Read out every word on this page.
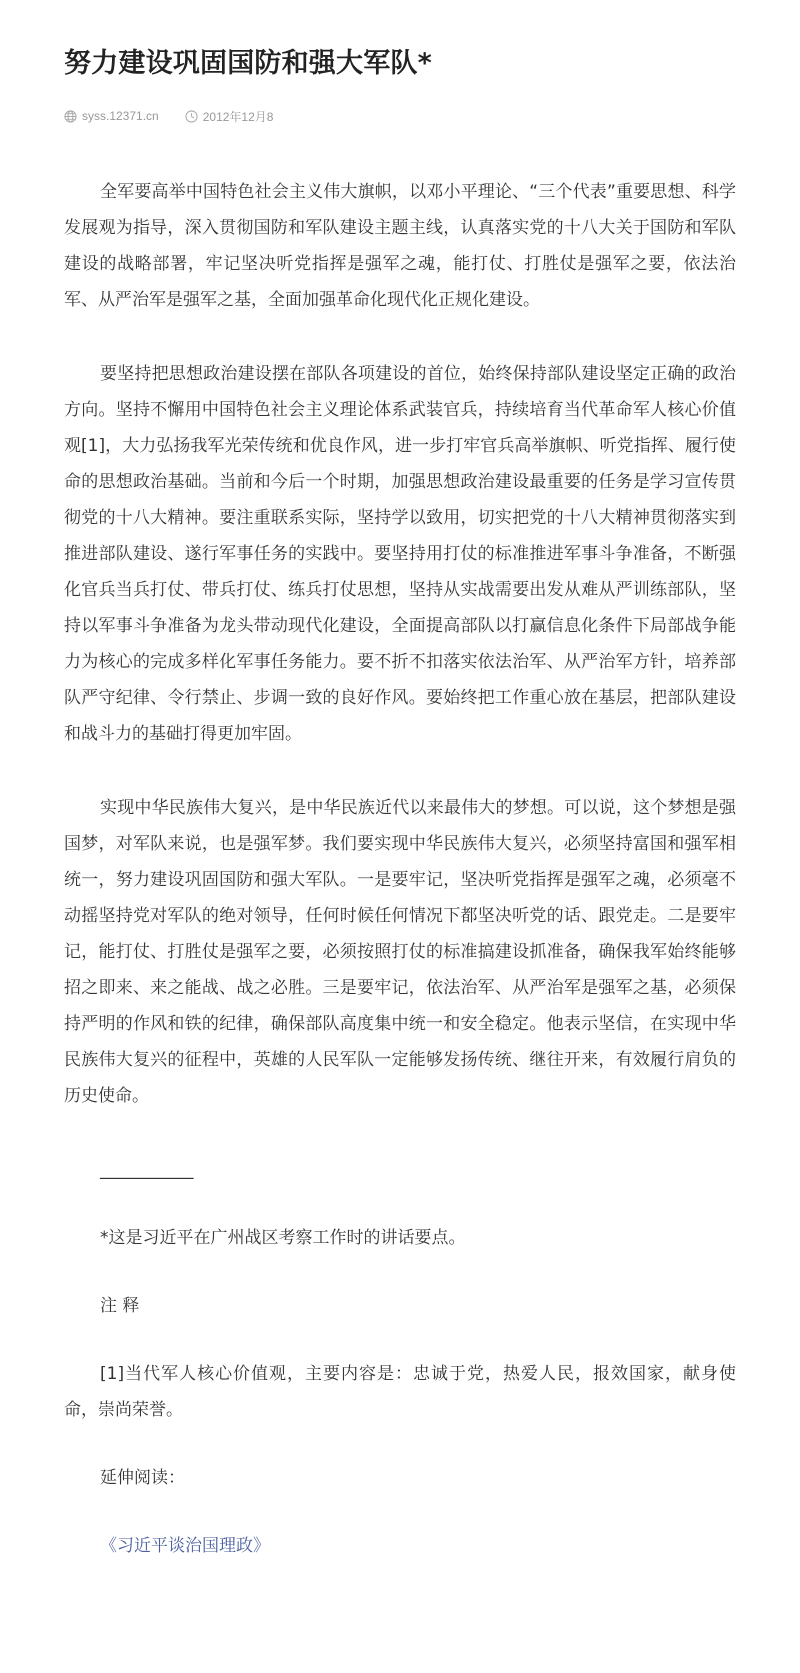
努力建设巩固国防和强大军队*
syss.12371.cn	2012年12月8

全军要高举中国特色社会主义伟大旗帜，以邓小平理论、“三个代表”重要思想、科学发展观为指导，深入贯彻国防和军队建设主题主线，认真落实党的十八大关于国防和军队建设的战略部署，牢记坚决听党指挥是强军之魂，能打仗、打胜仗是强军之要，依法治军、从严治军是强军之基，全面加强革命化现代化正规化建设。

要坚持把思想政治建设摆在部队各项建设的首位，始终保持部队建设坚定正确的政治方向。坚持不懈用中国特色社会主义理论体系武装官兵，持续培育当代革命军人核心价值观[1]，大力弘扬我军光荣传统和优良作风，进一步打牢官兵高举旗帜、听党指挥、履行使命的思想政治基础。当前和今后一个时期，加强思想政治建设最重要的任务是学习宣传贯彻党的十八大精神。要注重联系实际，坚持学以致用，切实把党的十八大精神贯彻落实到推进部队建设、遂行军事任务的实践中。要坚持用打仗的标准推进军事斗争准备，不断强化官兵当兵打仗、带兵打仗、练兵打仗思想，坚持从实战需要出发从难从严训练部队，坚持以军事斗争准备为龙头带动现代化建设，全面提高部队以打赢信息化条件下局部战争能力为核心的完成多样化军事任务能力。要不折不扣落实依法治军、从严治军方针，培养部队严守纪律、令行禁止、步调一致的良好作风。要始终把工作重心放在基层，把部队建设和战斗力的基础打得更加牢固。

实现中华民族伟大复兴，是中华民族近代以来最伟大的梦想。可以说，这个梦想是强国梦，对军队来说，也是强军梦。我们要实现中华民族伟大复兴，必须坚持富国和强军相统一，努力建设巩固国防和强大军队。一是要牢记，坚决听党指挥是强军之魂，必须毫不动摇坚持党对军队的绝对领导，任何时候任何情况下都坚决听党的话、跟党走。二是要牢记，能打仗、打胜仗是强军之要，必须按照打仗的标准搞建设抓准备，确保我军始终能够招之即来、来之能战、战之必胜。三是要牢记，依法治军、从严治军是强军之基，必须保持严明的作风和铁的纪律，确保部队高度集中统一和安全稳定。他表示坚信，在实现中华民族伟大复兴的征程中，英雄的人民军队一定能够发扬传统、继往开来，有效履行肩负的历史使命。

___________

*这是习近平在广州战区考察工作时的讲话要点。

注 释

[1]当代军人核心价值观，主要内容是：忠诚于党，热爱人民，报效国家，献身使命，崇尚荣誉。

延伸阅读：

《习近平谈治国理政》
